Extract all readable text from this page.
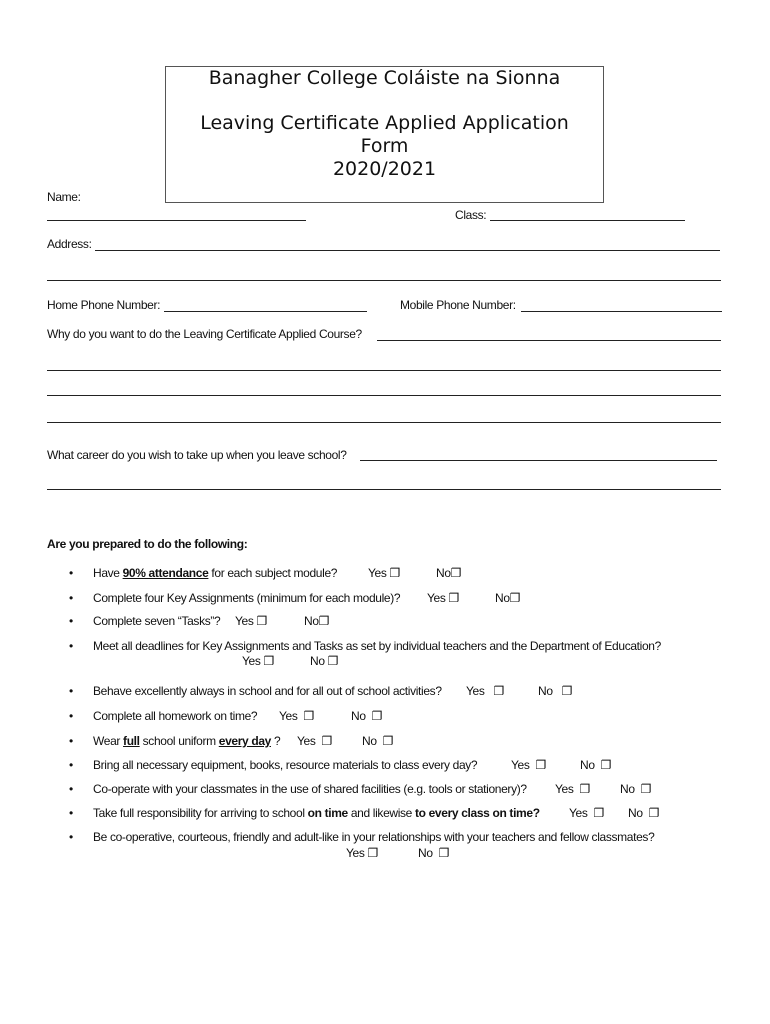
Banagher College Coláiste na Sionna
Leaving Certificate Applied Application
Form
2020/2021
Name:
Class:
Address:
Home Phone Number:	Mobile Phone Number:
Why do you want to do the Leaving Certificate Applied Course?
What career do you wish to take up when you leave school?
Are you prepared to do the following:
• Have 90% attendance for each subject module?	Yes ❐	No❐
• Complete four Key Assignments (minimum for each module)? Yes ❐	No❐
• Complete seven “Tasks”? Yes ❐	No❐
• Meet all deadlines for Key Assignments and Tasks as set by individual teachers and the Department of Education?
Yes ❐	No ❐
• Behave excellently always in school and for all out of school activities? Yes ❐	No ❐
• Complete all homework on time? Yes ❐	No ❐
• Wear full school uniform every day ? Yes ❐	No ❐
• Bring all necessary equipment, books, resource materials to class every day?	Yes ❐	No ❐
• Co-operate with your classmates in the use of shared facilities (e.g. tools or stationery)? Yes ❐	No ❐
• Take full responsibility for arriving to school on time and likewise to every class on time? Yes ❐ No ❐
• Be co-operative, courteous, friendly and adult-like in your relationships with your teachers and fellow classmates?
Yes ❐	No ❐
